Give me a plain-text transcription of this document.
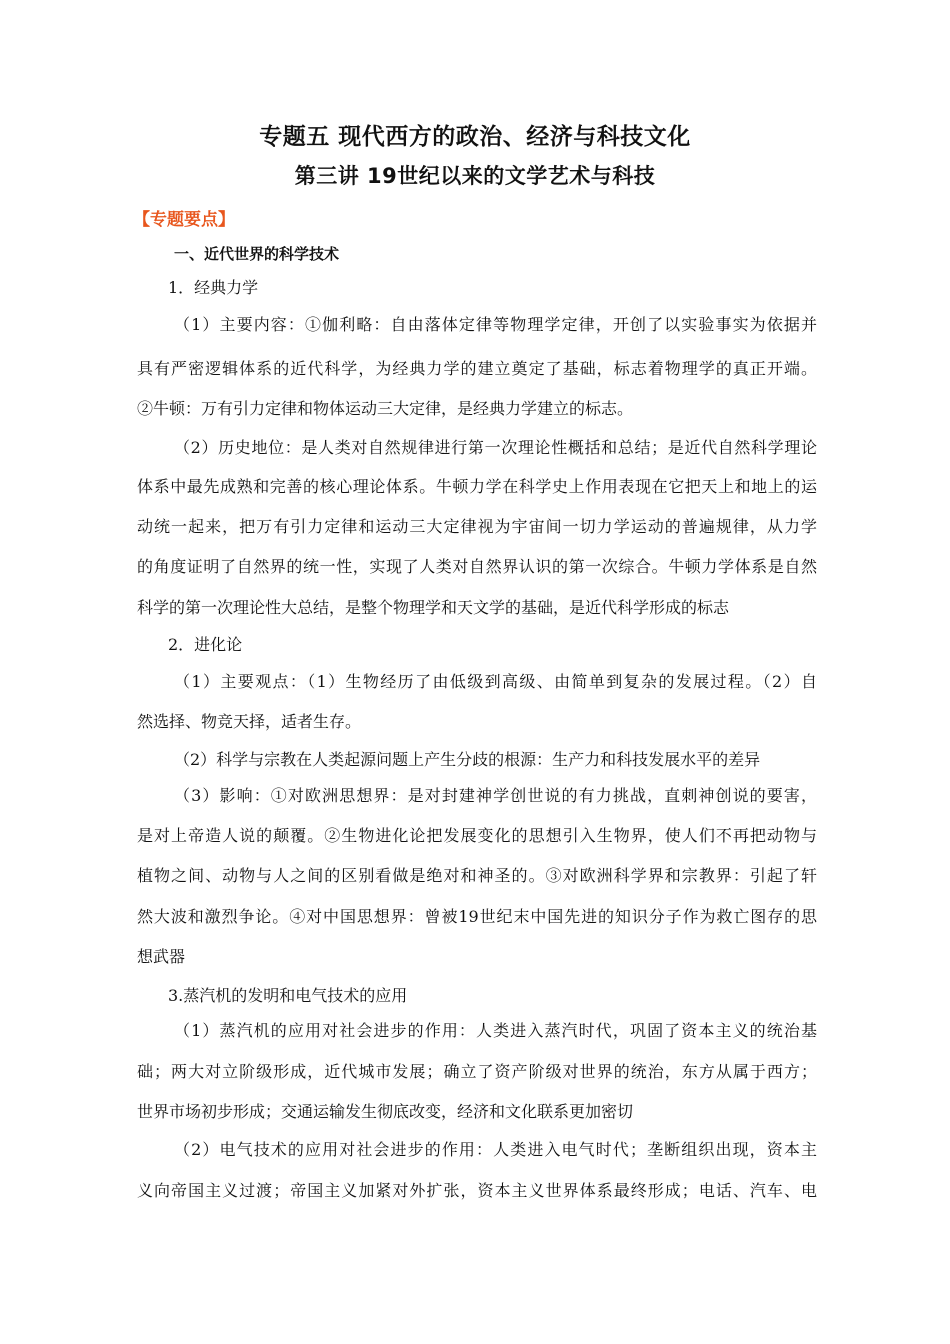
专题五 现代西方的政治、经济与科技文化
第三讲 19世纪以来的文学艺术与科技
【专题要点】
一、近代世界的科学技术
1．经典力学
（1）主要内容：①伽利略：自由落体定律等物理学定律，开创了以实验事实为依据并
具有严密逻辑体系的近代科学，为经典力学的建立奠定了基础，标志着物理学的真正开端。
②牛顿：万有引力定律和物体运动三大定律，是经典力学建立的标志。
（2）历史地位：是人类对自然规律进行第一次理论性概括和总结；是近代自然科学理论
体系中最先成熟和完善的核心理论体系。牛顿力学在科学史上作用表现在它把天上和地上的运
动统一起来，把万有引力定律和运动三大定律视为宇宙间一切力学运动的普遍规律，从力学
的角度证明了自然界的统一性，实现了人类对自然界认识的第一次综合。牛顿力学体系是自然
科学的第一次理论性大总结，是整个物理学和天文学的基础，是近代科学形成的标志
2．进化论
（1）主要观点：（1）生物经历了由低级到高级、由简单到复杂的发展过程。（2）自
然选择、物竞天择，适者生存。
（2）科学与宗教在人类起源问题上产生分歧的根源：生产力和科技发展水平的差异
（3）影响：①对欧洲思想界：是对封建神学创世说的有力挑战，直刺神创说的要害，
是对上帝造人说的颠覆。②生物进化论把发展变化的思想引入生物界，使人们不再把动物与
植物之间、动物与人之间的区别看做是绝对和神圣的。③对欧洲科学界和宗教界：引起了轩
然大波和激烈争论。④对中国思想界：曾被19世纪末中国先进的知识分子作为救亡图存的思
想武器
3.蒸汽机的发明和电气技术的应用
（1）蒸汽机的应用对社会进步的作用：人类进入蒸汽时代，巩固了资本主义的统治基
础；两大对立阶级形成，近代城市发展；确立了资产阶级对世界的统治，东方从属于西方；
世界市场初步形成；交通运输发生彻底改变，经济和文化联系更加密切
（2）电气技术的应用对社会进步的作用：人类进入电气时代；垄断组织出现，资本主
义向帝国主义过渡；帝国主义加紧对外扩张，资本主义世界体系最终形成；电话、汽车、电
